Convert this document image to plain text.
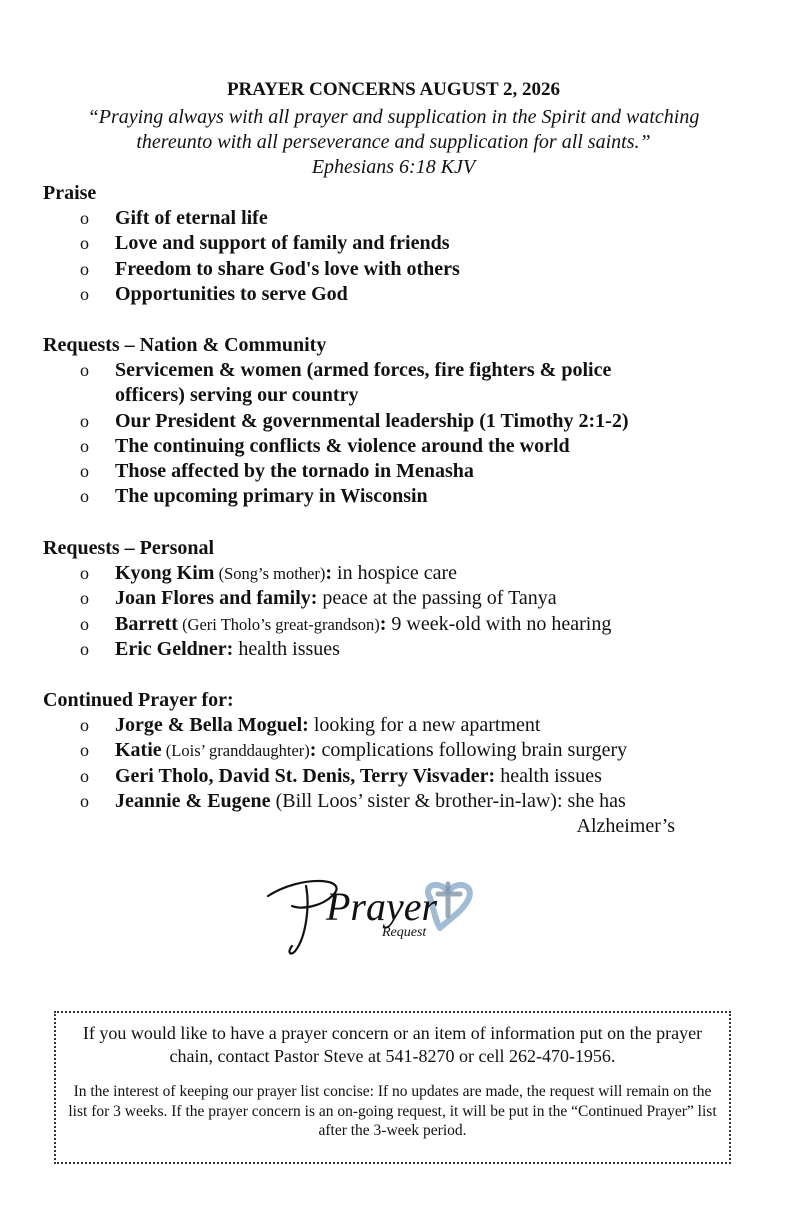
PRAYER CONCERNS AUGUST 2, 2026
“Praying always with all prayer and supplication in the Spirit and watching
thereunto with all perseverance and supplication for all saints.”
Ephesians 6:18 KJV
Praise
o Gift of eternal life
o Love and support of family and friends
o Freedom to share God's love with others
o Opportunities to serve God
Requests – Nation & Community
o Servicemen & women (armed forces, fire fighters & police officers) serving our country
o Our President & governmental leadership (1 Timothy 2:1-2)
o The continuing conflicts & violence around the world
o Those affected by the tornado in Menasha
o The upcoming primary in Wisconsin
Requests – Personal
o Kyong Kim (Song’s mother): in hospice care
o Joan Flores and family: peace at the passing of Tanya
o Barrett (Geri Tholo’s great-grandson): 9 week-old with no hearing
o Eric Geldner: health issues
Continued Prayer for:
o Jorge & Bella Moguel: looking for a new apartment
o Katie (Lois’ granddaughter): complications following brain surgery
o Geri Tholo, David St. Denis, Terry Visvader: health issues
o Jeannie & Eugene (Bill Loos’ sister & brother-in-law): she has
Alzheimer’s
Prayer
Request
If you would like to have a prayer concern or an item of information put on the prayer chain, contact Pastor Steve at 541-8270 or cell 262-470-1956.
In the interest of keeping our prayer list concise: If no updates are made, the request will remain on the list for 3 weeks. If the prayer concern is an on-going request, it will be put in the “Continued Prayer” list after the 3-week period.
